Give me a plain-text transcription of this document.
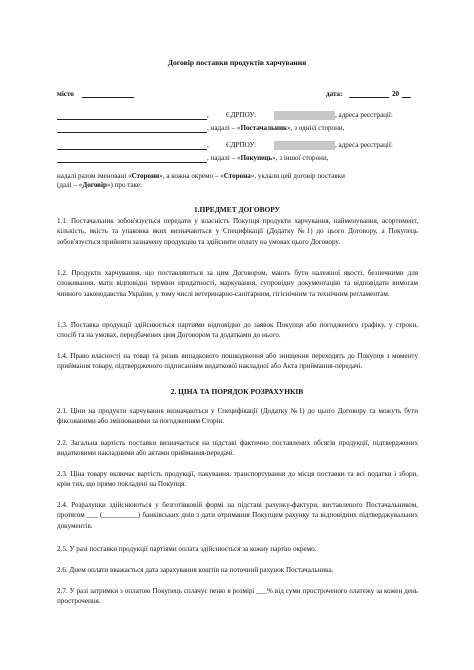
Договір поставки продуктів харчування
місто	дата:	20
, ЄДРПОУ:	, адреса реєстрації:
, надалі – «Постачальник», з однієї сторони,
, ЄДРПОУ:	, адреса реєстрації:
, надалі – «Покупець», з іншої сторони,
надалі разом іменовані «Сторони», а кожна окремо – «Сторона», уклали цей договір поставки
(далі – «Договір») про таке:
1.ПРЕДМЕТ ДОГОВОРУ
1.1. Постачальник зобов'язується передати у власність Покупця продукти харчування, найменування, асортимент, кількість, якість та упаковка яких визначаються у Специфікації (Додатку №1) до цього Договору, а Покупець зобов'язується прийняти зазначену продукцію та здійснити оплату на умовах цього Договору.
1.2. Продукти харчування, що поставляються за цим Договором, мають бути належної якості, безпечними для споживання, мати відповідні терміни придатності, маркування, супровідну документацію та відповідати вимогам чинного законодавства України, у тому числі ветеринарно-санітарним, гігієнічним та технічним регламентам.
1.3. Поставка продукції здійснюється партіями відповідно до заявок Покупця або погодженого графіку, у строки, спосіб та на умовах, передбачених цим Договором та додатками до нього.
1.4. Право власності на товар та ризик випадкового пошкодження або знищення переходять до Покупця з моменту приймання товару, підтвердженого підписанням видаткової накладної або Акта приймання-передачі.
2. ЦІНА ТА ПОРЯДОК РОЗРАХУНКІВ
2.1. Ціни на продукти харчування визначаються у Специфікації (Додатку №1) до цього Договору та можуть бути фіксованими або змінюваними за погодженням Сторін.
2.2. Загальна вартість поставки визначається на підставі фактично поставлених обсягів продукції, підтверджених видатковими накладними або актами приймання-передачі.
2.3. Ціна товару включає вартість продукції, пакування, транспортування до місця поставки та всі податки і збори, крім тих, що прямо покладені на Покупця.
2.4. Розрахунки здійснюються у безготівковій формі на підставі рахунку-фактури, виставленого Постачальником, протягом ___ (__________) банківських днів з дати отримання Покупцем рахунку та відповідних підтверджувальних документів.
2.5. У разі поставки продукції партіями оплата здійснюється за кожну партію окремо.
2.6. Днем оплати вважається дата зарахування коштів на поточний рахунок Постачальника.
2.7. У разі затримки з оплатою Покупець сплачує пеню в розмірі ___% від суми простроченого платежу за кожен день прострочення.
